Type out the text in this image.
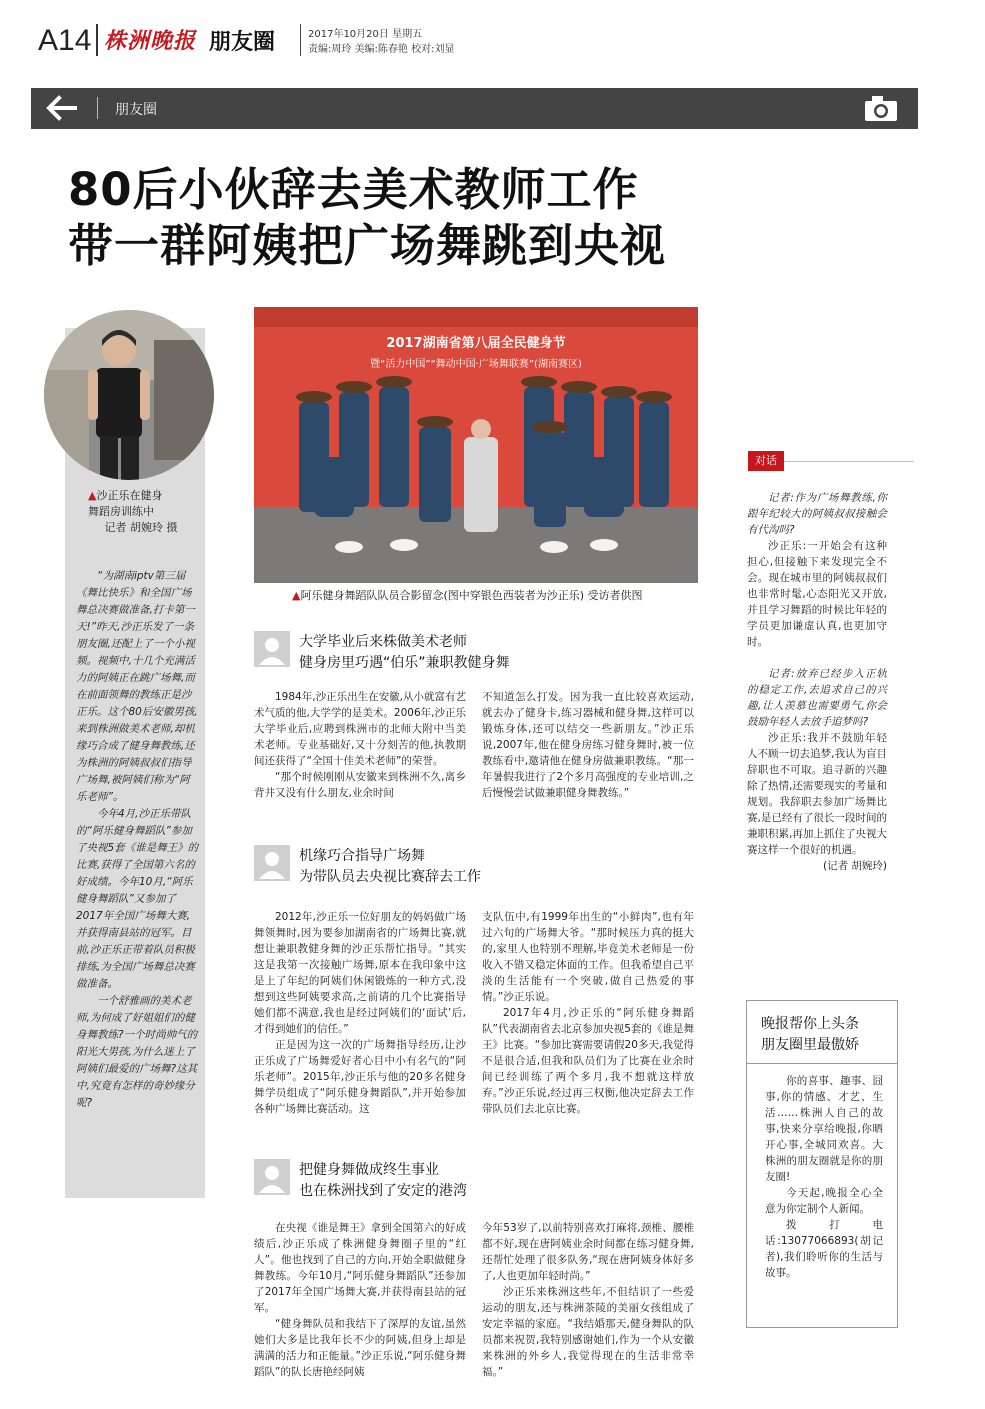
A14 株洲晚报 朋友圈	2017年10月20日 星期五
责编:周玲 美编:陈春艳 校对:刘显
朋友圈
80后小伙辞去美术教师工作
带一群阿姨把广场舞跳到央视
▲沙正乐在健身
舞蹈房训练中
记者 胡婉玲 摄

“为湖南iptv第三届《舞比快乐》和全国广场舞总决赛做准备,打卡第一天!”昨天,沙正乐发了一条朋友圈,还配上了一个小视频。视频中,十几个充满活力的阿姨正在跳广场舞,而在前面领舞的教练正是沙正乐。这个80后安徽男孩,来到株洲做美术老师,却机缘巧合成了健身舞教练,还为株洲的阿姨叔叔们指导广场舞,被阿姨们称为“阿乐老师”。

今年4月,沙正乐带队的“阿乐健身舞蹈队”参加了央视5套《谁是舞王》的比赛,获得了全国第六名的好成绩。今年10月,“阿乐健身舞蹈队”又参加了2017年全国广场舞大赛,并获得南县站的冠军。目前,沙正乐正带着队员积极排练,为全国广场舞总决赛做准备。

一个舒雅画的美术老师,为何成了好姐姐们的健身舞教练?一个时尚帅气的阳光大男孩,为什么迷上了阿姨们最爱的广场舞?这其中,究竟有怎样的奇妙缘分呢?

2017湖南省第八届全民健身节
暨“活力中国”“舞动中国·广场舞联赛”(湖南赛区)
▲阿乐健身舞蹈队队员合影留念(图中穿银色西装者为沙正乐) 受访者供图
大学毕业后来株做美术老师
健身房里巧遇“伯乐”兼职教健身舞

1984年,沙正乐出生在安徽,从小就富有艺术气质的他,大学学的是美术。2006年,沙正乐大学毕业后,应聘到株洲市的北师大附中当美术老师。专业基础好,又十分刻苦的他,执教期间还获得了“全国十佳美术老师”的荣誉。

“那个时候刚刚从安徽来到株洲不久,离乡背井又没有什么朋友,业余时间

不知道怎么打发。因为我一直比较喜欢运动,就去办了健身卡,练习器械和健身舞,这样可以锻炼身体,还可以结交一些新朋友。”沙正乐说,2007年,他在健身房练习健身舞时,被一位教练看中,邀请他在健身房做兼职教练。“那一年暑假我进行了2个多月高强度的专业培训,之后慢慢尝试做兼职健身舞教练。”

机缘巧合指导广场舞
为带队员去央视比赛辞去工作

2012年,沙正乐一位好朋友的妈妈做广场舞领舞时,因为要参加湖南省的广场舞比赛,就想让兼职教健身舞的沙正乐帮忙指导。“其实这是我第一次接触广场舞,原本在我印象中这是上了年纪的阿姨们休闲锻炼的一种方式,没想到这些阿姨要求高,之前请的几个比赛指导她们都不满意,我也是经过阿姨们的‘面试’后,才得到她们的信任。”

正是因为这一次的广场舞指导经历,让沙正乐成了广场舞爱好者心目中小有名气的“阿乐老师”。2015年,沙正乐与他的20多名健身舞学员组成了“阿乐健身舞蹈队”,并开始参加各种广场舞比赛活动。这

支队伍中,有1999年出生的“小鲜肉”,也有年过六旬的广场舞大爷。“那时候压力真的挺大的,家里人也特别不理解,毕竟美术老师是一份收入不错又稳定体面的工作。但我希望自己平淡的生活能有一个突破,做自己热爱的事情。”沙正乐说。

2017年4月,沙正乐的“阿乐健身舞蹈队”代表湖南省去北京参加央视5套的《谁是舞王》比赛。“参加比赛需要请假20多天,我觉得不是很合适,但我和队员们为了比赛在业余时间已经训练了两个多月,我不想就这样放弃。”沙正乐说,经过再三权衡,他决定辞去工作带队员们去北京比赛。

把健身舞做成终生事业
也在株洲找到了安定的港湾

在央视《谁是舞王》拿到全国第六的好成绩后,沙正乐成了株洲健身舞圈子里的“红人”。他也找到了自己的方向,开始全职做健身舞教练。今年10月,“阿乐健身舞蹈队”还参加了2017年全国广场舞大赛,并获得南县站的冠军。

“健身舞队员和我结下了深厚的友谊,虽然她们大多是比我年长不少的阿姨,但身上却是满满的活力和正能量。”沙正乐说,“阿乐健身舞蹈队”的队长唐艳经阿姨

今年53岁了,以前特别喜欢打麻将,颈椎、腰椎都不好,现在唐阿姨业余时间都在练习健身舞,还帮忙处理了很多队务,“现在唐阿姨身体好多了,人也更加年轻时尚。”

沙正乐来株洲这些年,不但结识了一些爱运动的朋友,还与株洲茶陵的美丽女孩组成了安定幸福的家庭。“我结婚那天,健身舞队的队员都来祝贺,我特别感谢她们,作为一个从安徽来株洲的外乡人,我觉得现在的生活非常幸福。”

对话

记者:作为广场舞教练,你跟年纪较大的阿姨叔叔接触会有代沟吗?

沙正乐:一开始会有这种担心,但接触下来发现完全不会。现在城市里的阿姨叔叔们也非常时髦,心态阳光又开放,并且学习舞蹈的时候比年轻的学员更加谦虚认真,也更加守时。

记者:放弃已经步入正轨的稳定工作,去追求自己的兴趣,让人羡慕也需要勇气,你会鼓励年轻人去放手追梦吗?

沙正乐:我并不鼓励年轻人不顾一切去追梦,我认为盲目辞职也不可取。追寻新的兴趣除了热情,还需要现实的考量和规划。我辞职去参加广场舞比赛,是已经有了很长一段时间的兼职积累,再加上抓住了央视大赛这样一个很好的机遇。

(记者 胡婉玲)

晚报帮你上头条
朋友圈里最傲娇

你的喜事、趣事、囧事,你的情感、才艺、生活……株洲人自己的故事,快来分享给晚报,你晒开心事,全城同欢喜。大株洲的朋友圈就是你的朋友圈!

今天起,晚报全心全意为你定制个人新闻。

拨打电话:13077066893(胡记者),我们聆听你的生活与故事。
